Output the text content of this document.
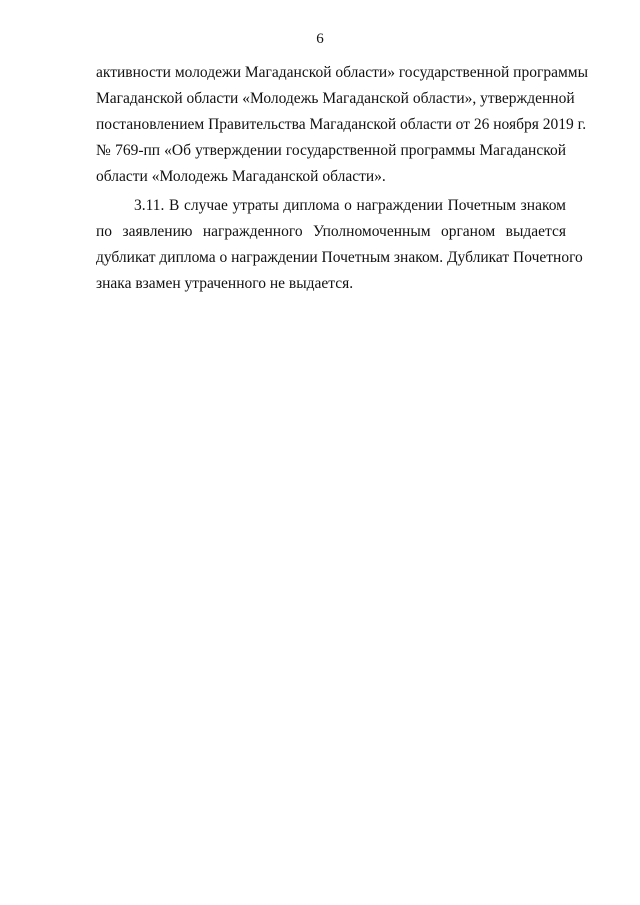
6
активности молодежи Магаданской области» государственной программы
Магаданской области «Молодежь Магаданской области», утвержденной
постановлением Правительства Магаданской области от 26 ноября 2019 г.
№ 769-пп «Об утверждении государственной программы Магаданской
области «Молодежь Магаданской области».
3.11. В случае утраты диплома о награждении Почетным знаком
по заявлению награжденного Уполномоченным органом выдается
дубликат диплома о награждении Почетным знаком. Дубликат Почетного
знака взамен утраченного не выдается.
